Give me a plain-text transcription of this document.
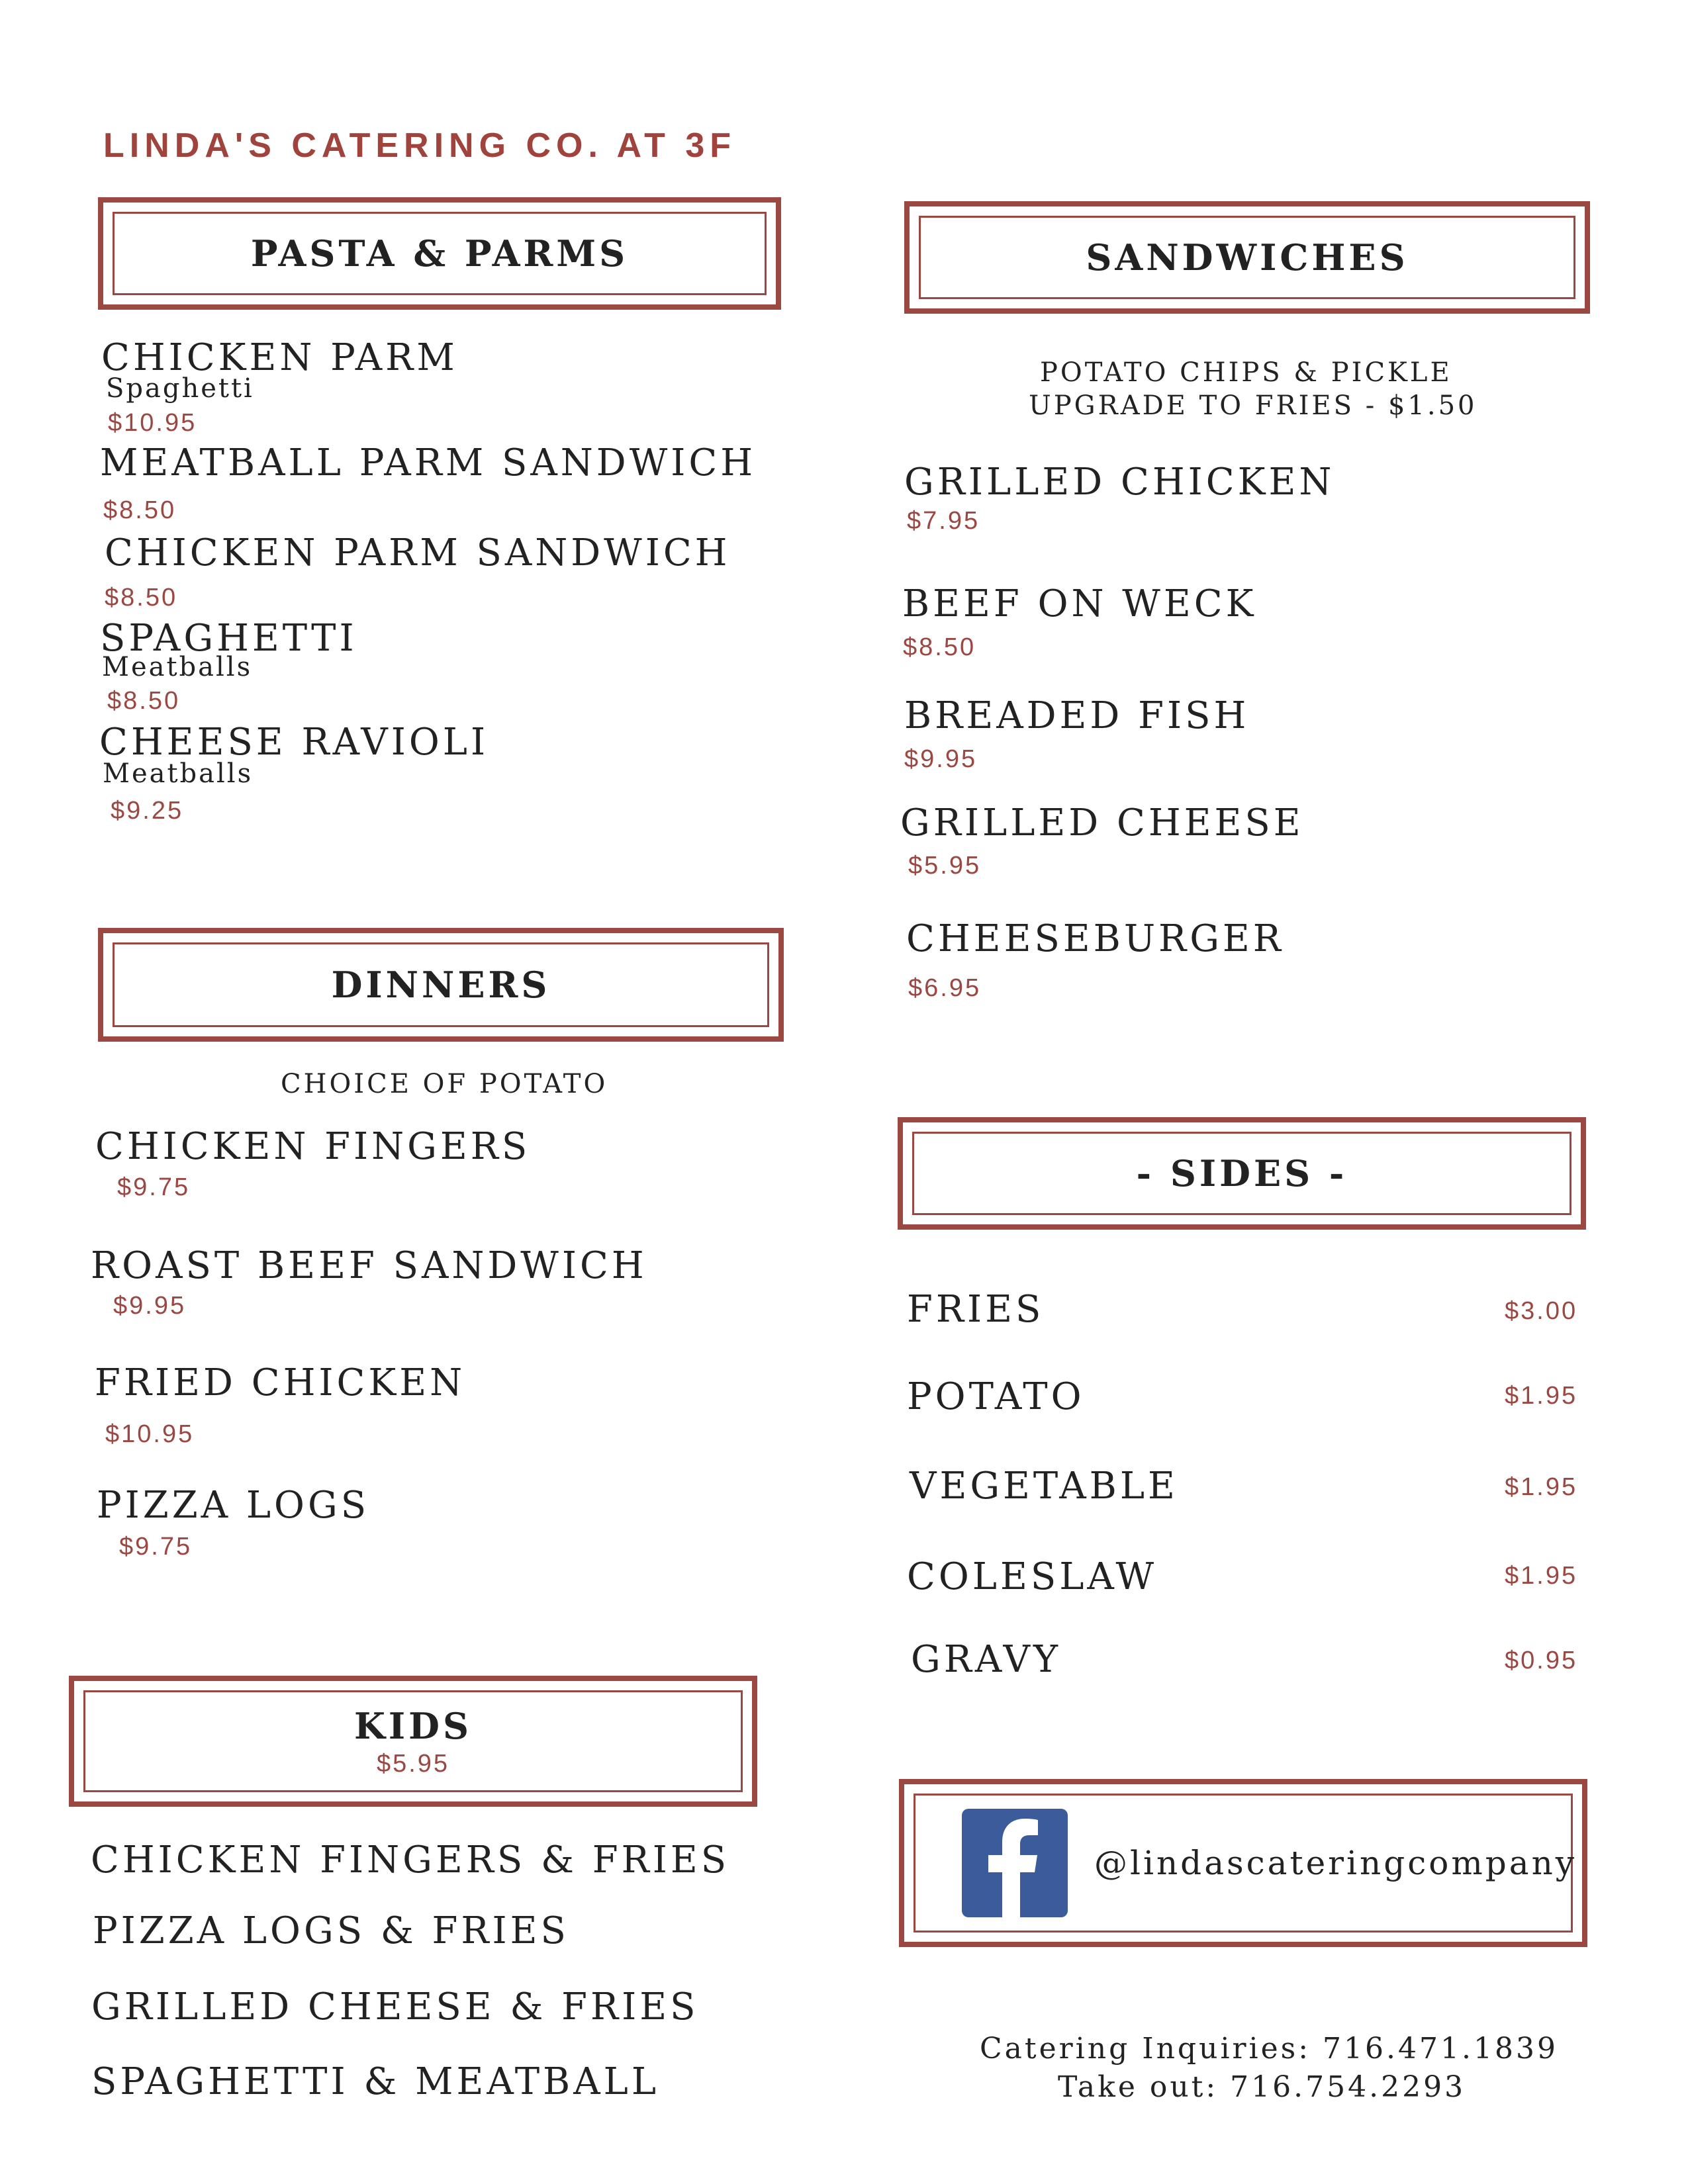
LINDA'S CATERING CO. AT 3F
PASTA & PARMS
CHICKEN PARM
Spaghetti
$10.95
MEATBALL PARM SANDWICH
$8.50
CHICKEN PARM SANDWICH
$8.50
SPAGHETTI
Meatballs
$8.50
CHEESE RAVIOLI
Meatballs
$9.25
DINNERS
CHOICE OF POTATO
CHICKEN FINGERS
$9.75
ROAST BEEF SANDWICH
$9.95
FRIED CHICKEN
$10.95
PIZZA LOGS
$9.75
KIDS
$5.95
CHICKEN FINGERS & FRIES
PIZZA LOGS & FRIES
GRILLED CHEESE & FRIES
SPAGHETTI & MEATBALL
SANDWICHES
POTATO CHIPS & PICKLE
UPGRADE TO FRIES - $1.50
GRILLED CHICKEN
$7.95
BEEF ON WECK
$8.50
BREADED FISH
$9.95
GRILLED CHEESE
$5.95
CHEESEBURGER
$6.95
- SIDES -
FRIES	$3.00
POTATO	$1.95
VEGETABLE	$1.95
COLESLAW	$1.95
GRAVY	$0.95
@lindascateringcompany
Catering Inquiries: 716.471.1839
Take out: 716.754.2293
